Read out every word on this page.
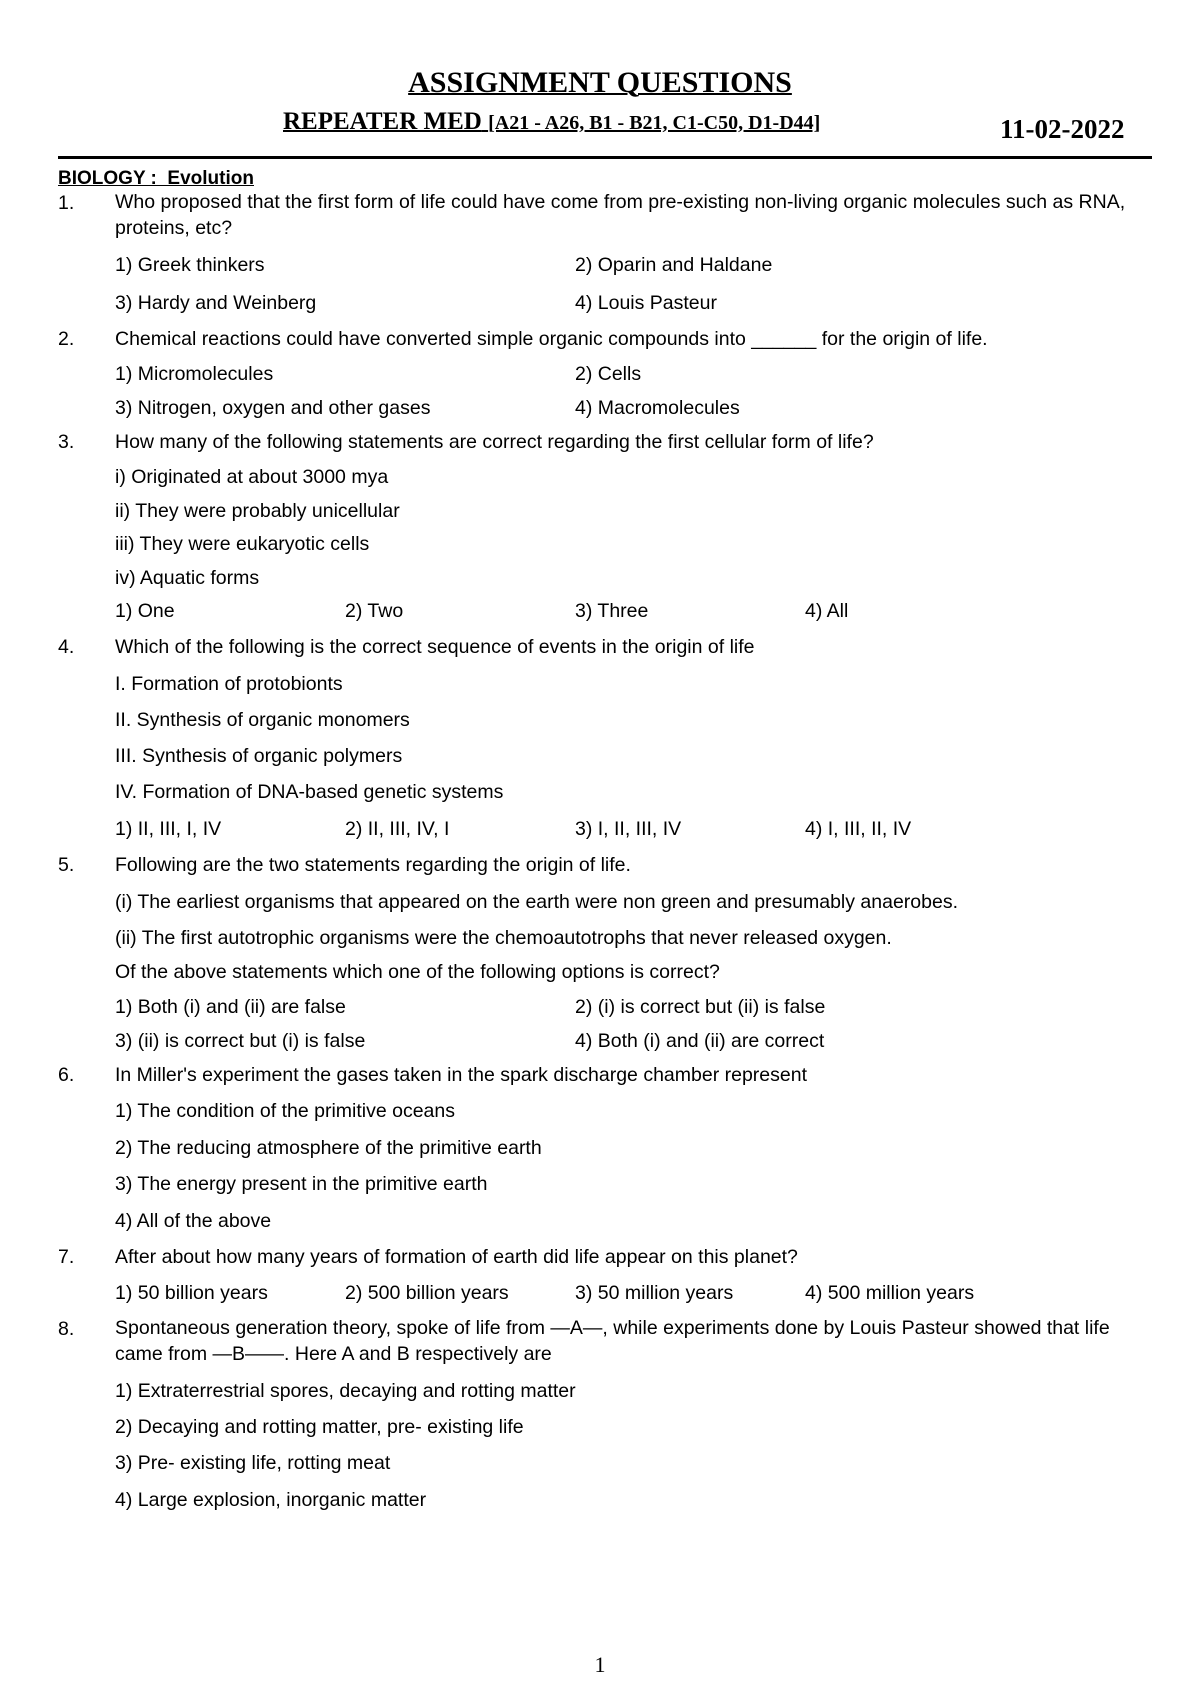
ASSIGNMENT QUESTIONS
REPEATER MED [A21 - A26, B1 - B21, C1-C50, D1-D44]	11-02-2022
BIOLOGY :  Evolution
1. Who proposed that the first form of life could have come from pre-existing non-living organic molecules such as RNA, proteins, etc?
1) Greek thinkers	2) Oparin and Haldane
3) Hardy and Weinberg	4) Louis Pasteur
2. Chemical reactions could have converted simple organic compounds into ______ for the origin of life.
1) Micromolecules	2) Cells
3) Nitrogen, oxygen and other gases	4) Macromolecules
3. How many of the following statements are correct regarding the first cellular form of life?
i) Originated at about 3000 mya
ii) They were probably unicellular
iii) They were eukaryotic cells
iv) Aquatic forms
1) One	2) Two	3) Three	4) All
4. Which of the following is the correct sequence of events in the origin of life
I. Formation of protobionts
II. Synthesis of organic monomers
III. Synthesis of organic polymers
IV. Formation of DNA-based genetic systems
1) II, III, I, IV	2) II, III, IV, I	3) I, II, III, IV	4) I, III, II, IV
5. Following are the two statements regarding the origin of life.
(i) The earliest organisms that appeared on the earth were non green and presumably anaerobes.
(ii) The first autotrophic organisms were the chemoautotrophs that never released oxygen.
Of the above statements which one of the following options is correct?
1) Both (i) and (ii) are false	2) (i) is correct but (ii) is false
3) (ii) is correct but (i) is false	4) Both (i) and (ii) are correct
6. In Miller's experiment the gases taken in the spark discharge chamber represent
1) The condition of the primitive oceans
2) The reducing atmosphere of the primitive earth
3) The energy present in the primitive earth
4) All of the above
7. After about how many years of formation of earth did life appear on this planet?
1) 50 billion years	2) 500 billion years	3) 50 million years	4) 500 million years
8. Spontaneous generation theory, spoke of life from —A—, while experiments done by Louis Pasteur showed that life came from —B——. Here A and B respectively are
1) Extraterrestrial spores, decaying and rotting matter
2) Decaying and rotting matter, pre- existing life
3) Pre- existing life, rotting meat
4) Large explosion, inorganic matter
1
